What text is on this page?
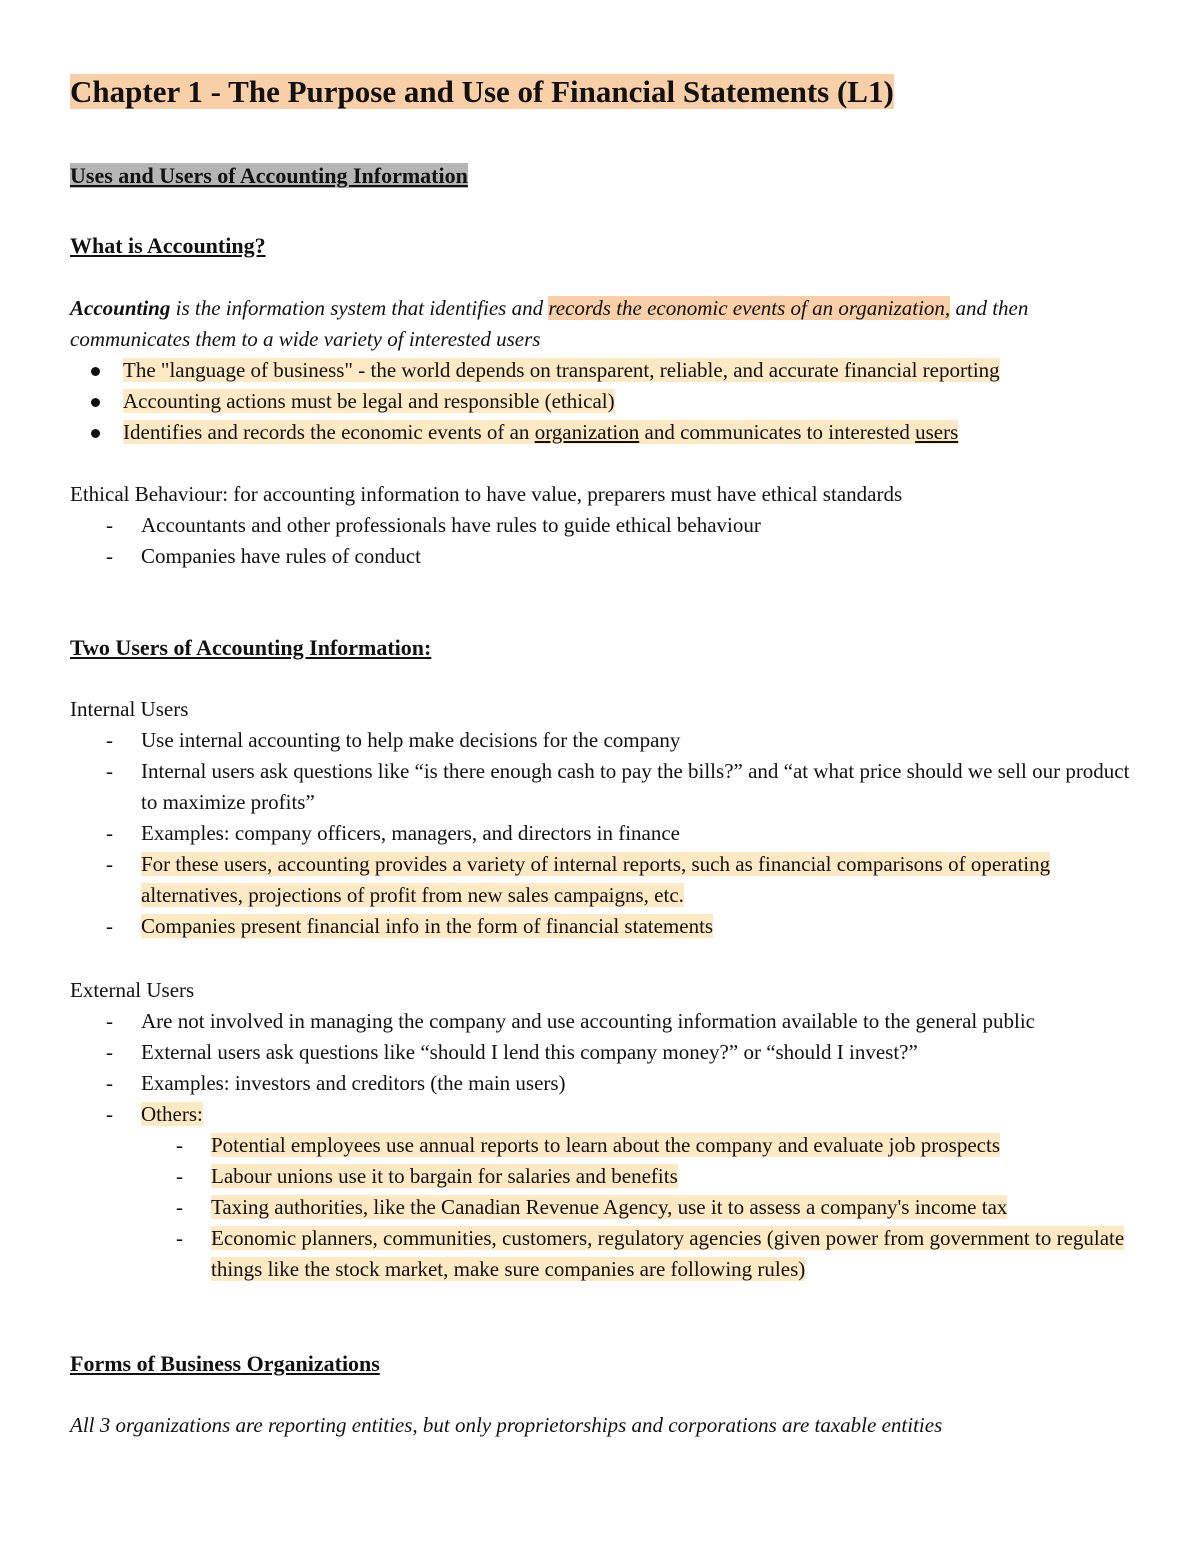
Chapter 1 - The Purpose and Use of Financial Statements (L1)
Uses and Users of Accounting Information
What is Accounting?

Accounting is the information system that identifies and records the economic events of an organization, and then communicates them to a wide variety of interested users

The "language of business" - the world depends on transparent, reliable, and accurate financial reporting
Accounting actions must be legal and responsible (ethical)
Identifies and records the economic events of an organization and communicates to interested users

Ethical Behaviour: for accounting information to have value, preparers must have ethical standards

- Accountants and other professionals have rules to guide ethical behaviour
- Companies have rules of conduct
Two Users of Accounting Information:

Internal Users

- Use internal accounting to help make decisions for the company
- Internal users ask questions like “is there enough cash to pay the bills?” and “at what price should we sell our product to maximize profits”
- Examples: company officers, managers, and directors in finance
- For these users, accounting provides a variety of internal reports, such as financial comparisons of operating alternatives, projections of profit from new sales campaigns, etc.
- Companies present financial info in the form of financial statements

External Users

- Are not involved in managing the company and use accounting information available to the general public
- External users ask questions like “should I lend this company money?” or “should I invest?”
- Examples: investors and creditors (the main users)
- Others:
- Potential employees use annual reports to learn about the company and evaluate job prospects
- Labour unions use it to bargain for salaries and benefits
- Taxing authorities, like the Canadian Revenue Agency, use it to assess a company's income tax
- Economic planners, communities, customers, regulatory agencies (given power from government to regulate things like the stock market, make sure companies are following rules)
Forms of Business Organizations

All 3 organizations are reporting entities, but only proprietorships and corporations are taxable entities
